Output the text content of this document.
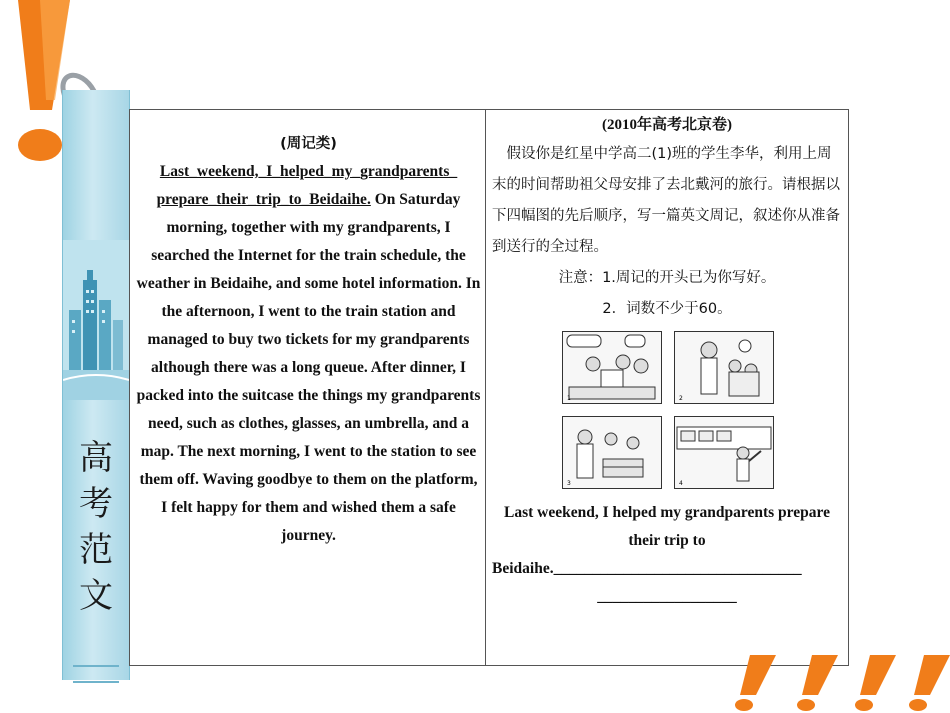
高
考
范
文
(周记类)
Last_weekend,_I_helped_my_grandparents_
prepare_their_trip_to_Beidaihe. On Saturday morning, together with my grandparents, I searched the Internet for the train schedule, the weather in Beidaihe, and some hotel information. In the afternoon, I went to the train station and managed to buy two tickets for my grandparents although there was a long queue. After dinner, I packed into the suitcase the things my grandparents need, such as clothes, glasses, an umbrella, and a map. The next morning, I went to the station to see them off. Waving goodbye to them on the platform, I felt happy for them and wished them a safe journey.
(2010年高考北京卷)
假设你是红星中学高二(1)班的学生李华，利用上周末的时间帮助祖父母安排了去北戴河的旅行。请根据以下四幅图的先后顺序，写一篇英文周记，叙述你从准备到送行的全过程。
注意：1.周记的开头已为你写好。
2．词数不少于60。
1	2
3	4
Last weekend, I helped my grandparents prepare their trip to
Beidaihe.________________________________
__________________
